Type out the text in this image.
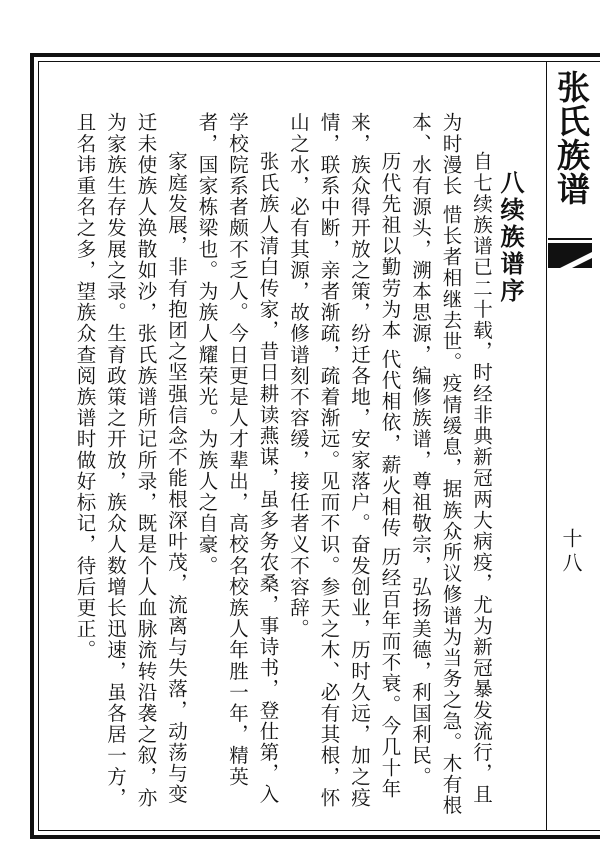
张氏族谱
十八
八续族谱序

自七续族谱已二十载，时经非典新冠两大病疫，尤为新冠暴发流行，且为时漫长 惜长者相继去世。疫情缓息，据族众所议修谱为当务之急。木有根本、水有源头，溯本思源，编修族谱，尊祖敬宗，弘扬美德，利国利民。

历代先祖以勤劳为本 代代相依，薪火相传 历经百年而不衰。今几十年来，族众得开放之策，纷迁各地，安家落户。奋发创业，历时久远，加之疫情，联系中断，亲者渐疏，疏着渐远。见而不识。参天之木、必有其根，怀山之水，必有其源，故修谱刻不容缓，接任者义不容辞。

张氏族人清白传家，昔日耕读燕谋，虽多务农桑，事诗书，登仕第，入学校院系者颇不乏人。今日更是人才辈出，高校名校族人年胜一年，精英者，国家栋梁也。为族人耀荣光。为族人之自豪。

家庭发展，非有抱团之坚强信念不能根深叶茂，流离与失落，动荡与变迁未使族人涣散如沙，张氏族谱所记所录，既是个人血脉流转沿袭之叙，亦为家族生存发展之录。生育政策之开放，族众人数增长迅速，虽各居一方，且名讳重名之多，望族众查阅族谱时做好标记，待后更正。
